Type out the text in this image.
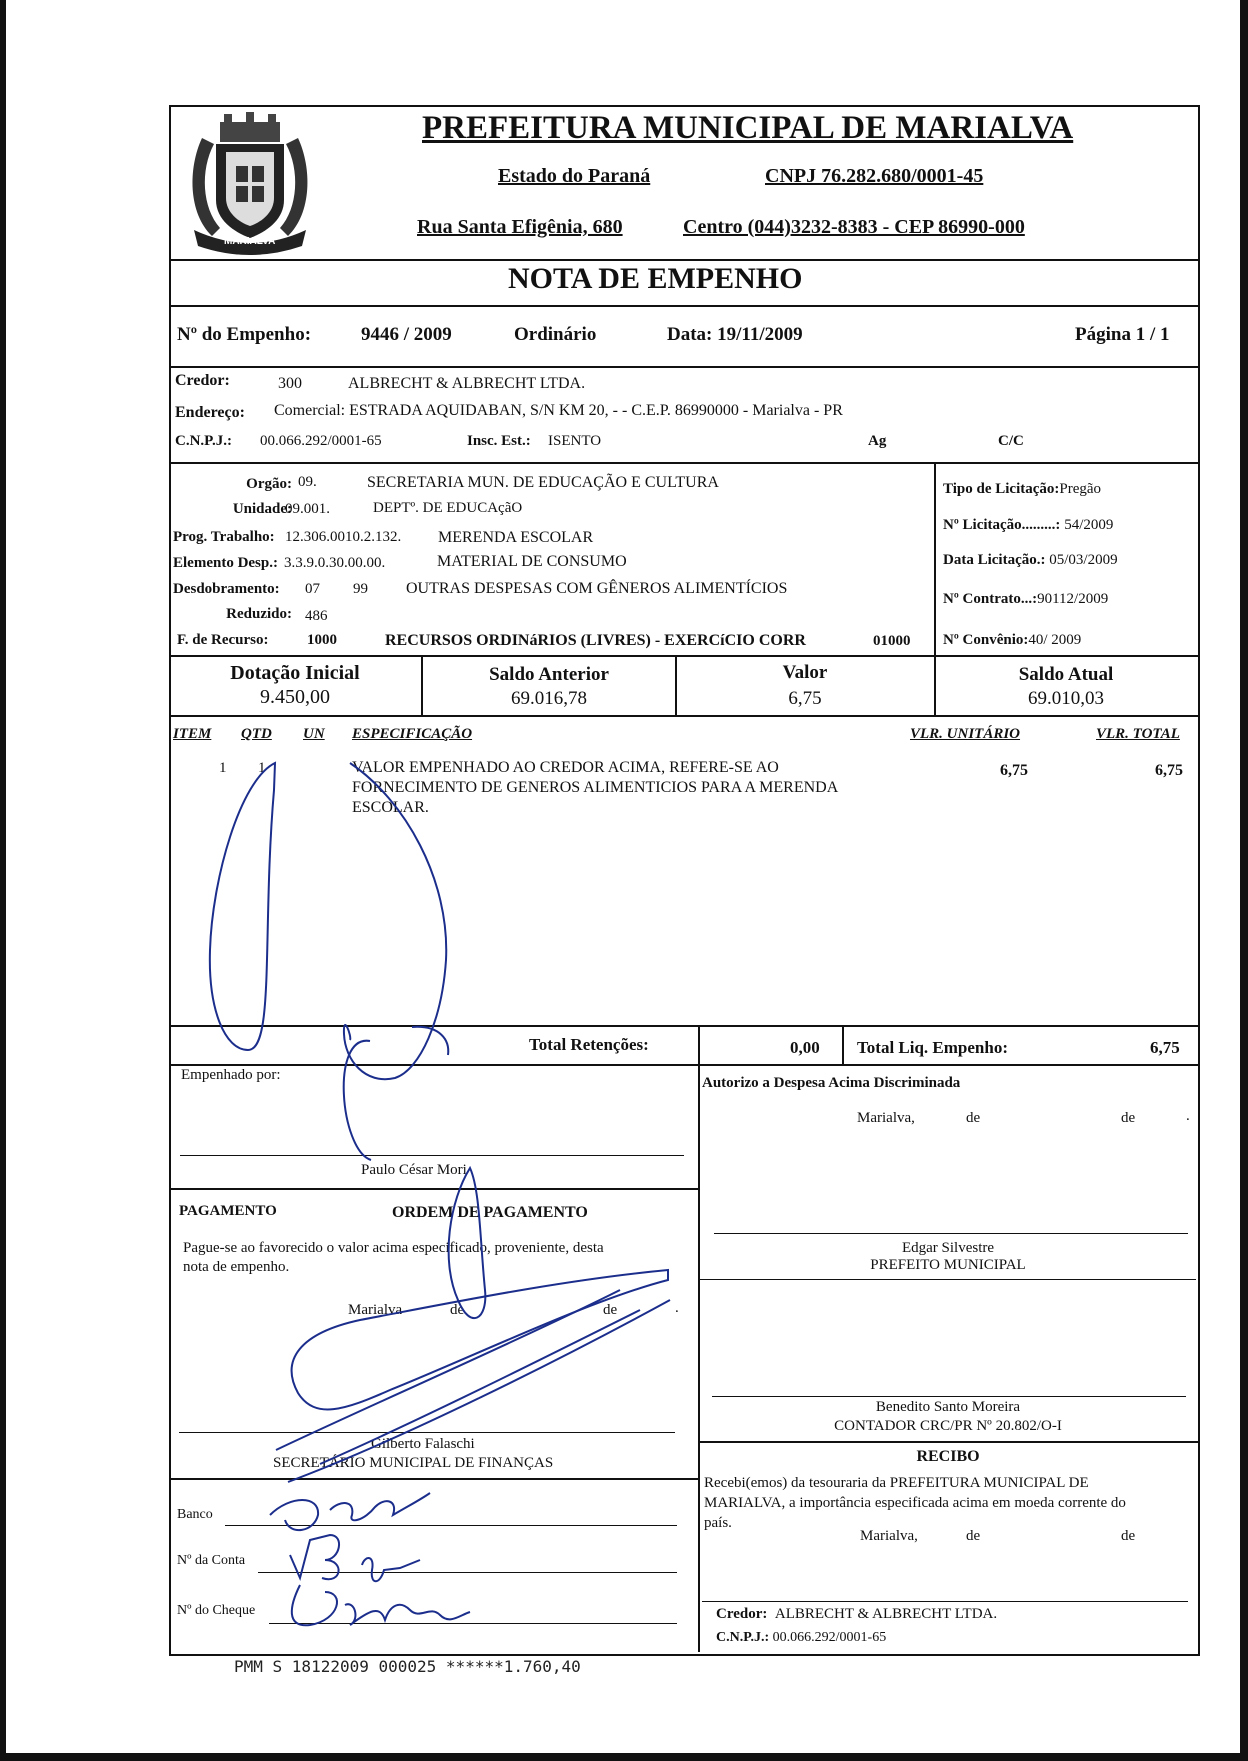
MARIALVA
PREFEITURA MUNICIPAL DE MARIALVA
Estado do Paraná	CNPJ 76.282.680/0001-45
Rua Santa Efigênia, 680	Centro (044)3232-8383 - CEP 86990-000
NOTA DE EMPENHO
Nº do Empenho:	9446 / 2009	Ordinário	Data: 19/11/2009	Página 1 / 1
Credor:	300	ALBRECHT & ALBRECHT LTDA.
Endereço: Comercial: ESTRADA AQUIDABAN, S/N KM 20, - - C.E.P. 86990000 - Marialva - PR
C.N.P.J.: 00.066.292/0001-65	Insc. Est.: ISENTO	Ag	C/C
Orgão: 09.	SECRETARIA MUN. DE EDUCAÇÃO E CULTURA
Unidade:
09.001.	DEPTº. DE EDUCAçãO
Prog. Trabalho: 12.306.0010.2.132. MERENDA ESCOLAR
Elemento Desp.: 3.3.9.0.30.00.00.	MATERIAL DE CONSUMO
Desdobramento: 07 99 OUTRAS DESPESAS COM GÊNEROS ALIMENTÍCIOS
Reduzido: 486
F. de Recurso:	1000	RECURSOS ORDINáRIOS (LIVRES) - EXERCíCIO CORR	01000
Tipo de Licitação:Pregão
Nº Licitação.........: 54/2009
Data Licitação.: 05/03/2009
Nº Contrato...:90112/2009
Nº Convênio:40/ 2009
Dotação Inicial
9.450,00
Saldo Anterior
69.016,78
Valor
6,75
Saldo Atual
69.010,03
ITEM QTD UN ESPECIFICAÇÃO	VLR. UNITÁRIO	VLR. TOTAL
1 1	VALOR EMPENHADO AO CREDOR ACIMA, REFERE-SE AO
FORNECIMENTO DE GENEROS ALIMENTICIOS PARA A MERENDA
ESCOLAR.
6,75	6,75
Total Retenções:	0,00 Total Liq. Empenho:	6,75
Empenhado por:
Paulo César Mori
PAGAMENTO	ORDEM DE PAGAMENTO
Pague-se ao favorecido o valor acima especificado, proveniente, desta
nota de empenho.
Marialva	de	de	.
Gilberto Falaschi
SECRETÁRIO MUNICIPAL DE FINANÇAS
Banco
Nº da Conta
Nº do Cheque
Autorizo a Despesa Acima Discriminada
Marialva,	de	de	.
Edgar Silvestre
PREFEITO MUNICIPAL
Benedito Santo Moreira
CONTADOR CRC/PR Nº 20.802/O-I
RECIBO
Recebi(emos) da tesouraria da PREFEITURA MUNICIPAL DE
MARIALVA, a importância especificada acima em moeda corrente do
país.
Marialva,	de	de
Credor: ALBRECHT & ALBRECHT LTDA.
C.N.P.J.: 00.066.292/0001-65
PMM S 18122009 000025 ******1.760,40
